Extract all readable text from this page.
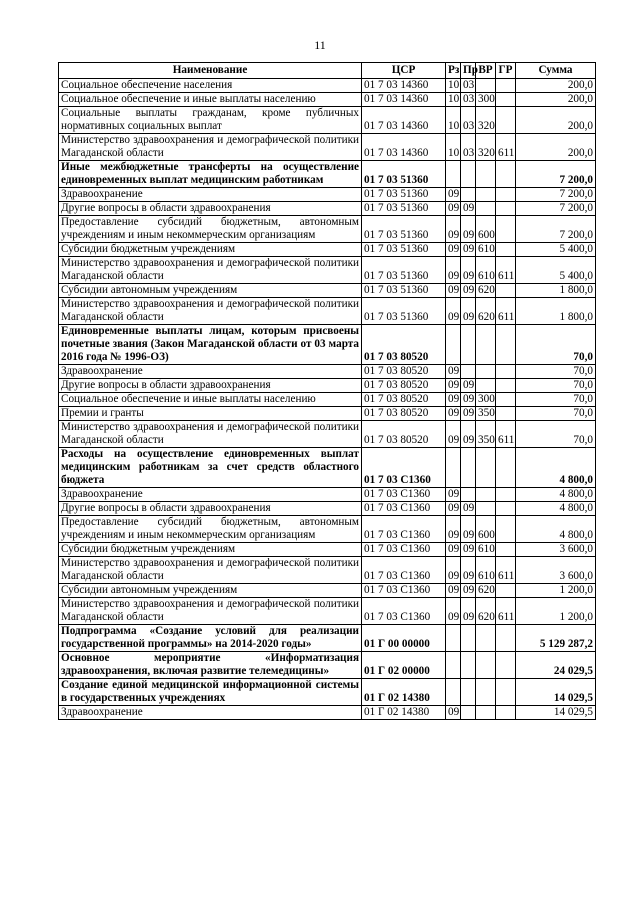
11
Наименование	ЦСР	Рз	Пр	ВР	ГР	Сумма
Социальное обеспечение населения	01 7 03 14360	10	03			200,0
Социальное обеспечение и иные выплаты населению	01 7 03 14360	10	03	300		200,0
Социальные выплаты гражданам, кроме публичных нормативных социальных выплат	01 7 03 14360	10	03	320		200,0
Министерство здравоохранения и демографической политики Магаданской области	01 7 03 14360	10	03	320	611	200,0
Иные межбюджетные трансферты на осуществление единовременных выплат медицинским работникам	01 7 03 51360					7 200,0
Здравоохранение	01 7 03 51360	09				7 200,0
Другие вопросы в области здравоохранения	01 7 03 51360	09	09			7 200,0
Предоставление субсидий бюджетным, автономным учреждениям и иным некоммерческим организациям	01 7 03 51360	09	09	600		7 200,0
Субсидии бюджетным учреждениям	01 7 03 51360	09	09	610		5 400,0
Министерство здравоохранения и демографической политики Магаданской области	01 7 03 51360	09	09	610	611	5 400,0
Субсидии автономным учреждениям	01 7 03 51360	09	09	620		1 800,0
Министерство здравоохранения и демографической политики Магаданской области	01 7 03 51360	09	09	620	611	1 800,0
Единовременные выплаты лицам, которым присвоены почетные звания (Закон Магаданской области от 03 марта 2016 года № 1996-ОЗ)	01 7 03 80520					70,0
Здравоохранение	01 7 03 80520	09				70,0
Другие вопросы в области здравоохранения	01 7 03 80520	09	09			70,0
Социальное обеспечение и иные выплаты населению	01 7 03 80520	09	09	300		70,0
Премии и гранты	01 7 03 80520	09	09	350		70,0
Министерство здравоохранения и демографической политики Магаданской области	01 7 03 80520	09	09	350	611	70,0
Расходы на осуществление единовременных выплат медицинским работникам за счет средств областного бюджета	01 7 03 С1360					4 800,0
Здравоохранение	01 7 03 С1360	09				4 800,0
Другие вопросы в области здравоохранения	01 7 03 С1360	09	09			4 800,0
Предоставление субсидий бюджетным, автономным учреждениям и иным некоммерческим организациям	01 7 03 С1360	09	09	600		4 800,0
Субсидии бюджетным учреждениям	01 7 03 С1360	09	09	610		3 600,0
Министерство здравоохранения и демографической политики Магаданской области	01 7 03 С1360	09	09	610	611	3 600,0
Субсидии автономным учреждениям	01 7 03 С1360	09	09	620		1 200,0
Министерство здравоохранения и демографической политики Магаданской области	01 7 03 С1360	09	09	620	611	1 200,0
Подпрограмма «Создание условий для реализации государственной программы» на 2014-2020 годы»	01 Г 00 00000					5 129 287,2
Основное мероприятие «Информатизация здравоохранения, включая развитие телемедицины»	01 Г 02 00000					24 029,5
Создание единой медицинской информационной системы в государственных учреждениях	01 Г 02 14380					14 029,5
Здравоохранение	01 Г 02 14380	09				14 029,5
